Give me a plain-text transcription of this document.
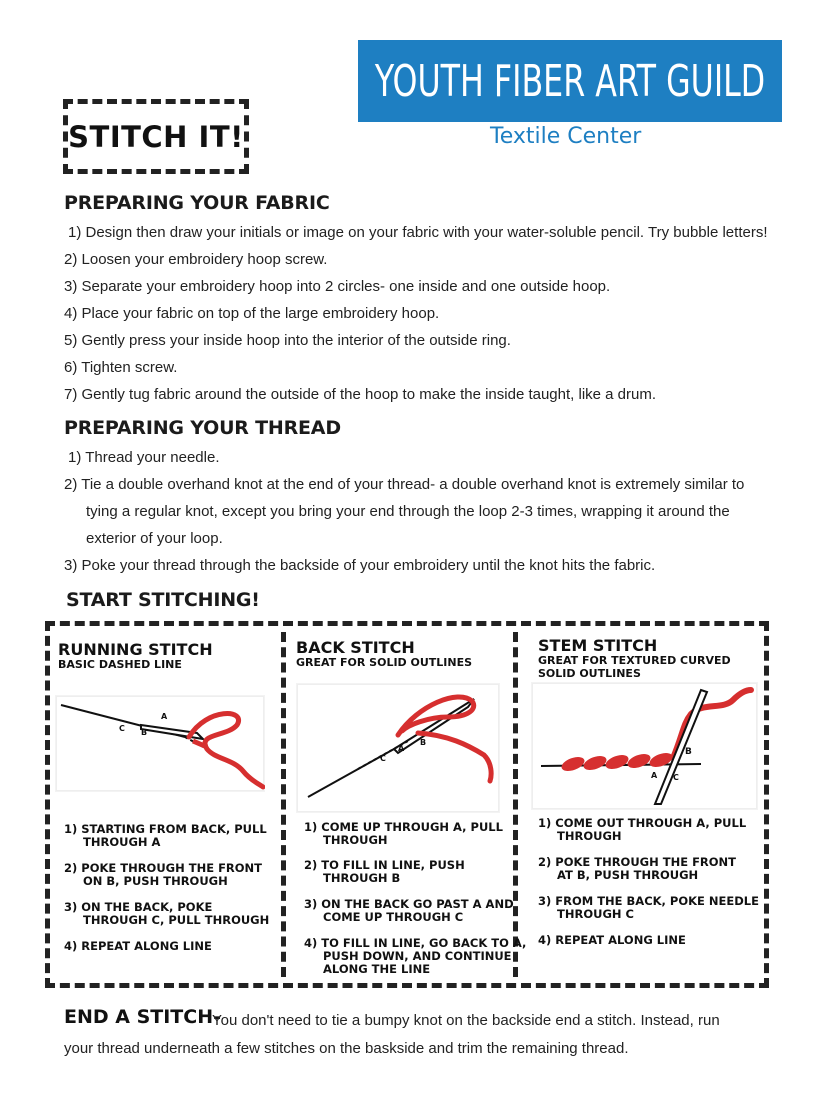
YOUTH FIBER ART GUILD
Textile Center
STITCH IT!
PREPARING YOUR FABRIC
1) Design then draw your initials or image on your fabric with your water-soluble pencil. Try bubble letters!
2) Loosen your embroidery hoop screw.
3) Separate your embroidery hoop into 2 circles- one inside and one outside hoop.
4) Place your fabric on top of the large embroidery hoop.
5) Gently press your inside hoop into the interior of the outside ring.
6) Tighten screw.
7) Gently tug fabric around the outside of the hoop to make the inside taught, like a drum.
PREPARING YOUR THREAD
1) Thread your needle.
2) Tie a double overhand knot at the end of your thread- a double overhand knot is extremely similar to
tying a regular knot, except you bring your end through the loop 2-3 times, wrapping it around the
exterior of your loop.
3) Poke your thread through the backside of your embroidery until the knot hits the fabric.
START STITCHING!
RUNNING STITCH
BASIC DASHED LINE
A
B
C
1) STARTING FROM BACK, PULL
THROUGH A
2) POKE THROUGH THE FRONT
ON B, PUSH THROUGH
3) ON THE BACK, POKE
THROUGH C, PULL THROUGH
4) REPEAT ALONG LINE
BACK STITCH
GREAT FOR SOLID OUTLINES
A
B
C
1) COME UP THROUGH A, PULL
THROUGH
2) TO FILL IN LINE, PUSH
THROUGH B
3) ON THE BACK GO PAST A AND
COME UP THROUGH C
4) TO FILL IN LINE, GO BACK TO A,
PUSH DOWN, AND CONTINUE
ALONG THE LINE
STEM STITCH
GREAT FOR TEXTURED CURVED
SOLID OUTLINES
B
A C
1) COME OUT THROUGH A, PULL
THROUGH
2) POKE THROUGH THE FRONT
AT B, PUSH THROUGH
3) FROM THE BACK, POKE NEEDLE
THROUGH C
4) REPEAT ALONG LINE
END A STITCH-
You don't need to tie a bumpy knot on the backside end a stitch. Instead, run
your thread underneath a few stitches on the baskside and trim the remaining thread.
